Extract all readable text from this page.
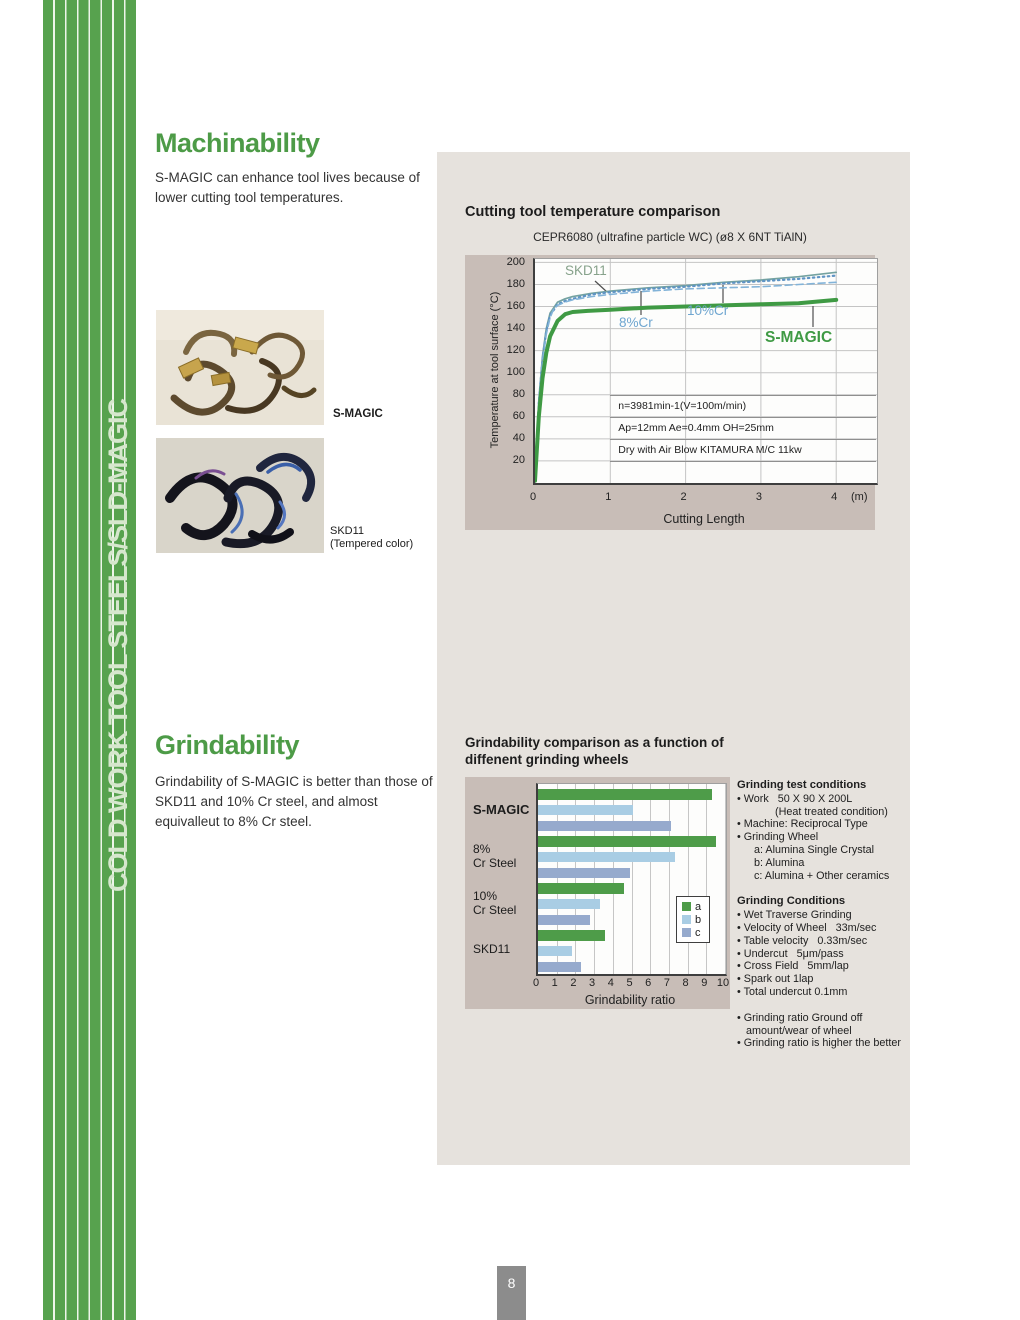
COLD WORK TOOL STEELS/SLD-MAGIC
Machinability
S-MAGIC can enhance tool lives because of lower cutting tool temperatures.
S-MAGIC
SKD11
(Tempered color)
Cutting tool temperature comparison
CEPR6080 (ultrafine particle WC) (ø8 X 6NT TiAlN)
Temperature at tool surface (°C)
20
40
60
80
100
120
140
160
180
200
n=3981min-1(V=100m/min)
Ap=12mm Ae=0.4mm OH=25mm
Dry with Air Blow KITAMURA M/C 11kw
SKD11
10%Cr
8%Cr
S-MAGIC
0	1	2	3	4 (m)
Cutting Length
Grindability
Grindability of S-MAGIC is better than those of SKD11 and 10% Cr steel, and almost equivalleut to 8% Cr steel.
Grindability comparison as a function of
diffenent grinding wheels
S-MAGIC
8%
Cr Steel
10%
Cr Steel
SKD11
a
b
c
0 1 2 3 4 5 6 7 8 9 10
Grindability ratio
Grinding test conditions
• Work   50 X 90 X 200L
(Heat treated condition)
• Machine: Reciprocal Type
• Grinding Wheel
a: Alumina Single Crystal
b: Alumina
c: Alumina + Other ceramics
Grinding Conditions
• Wet Traverse Grinding
• Velocity of Wheel   33m/sec
• Table velocity   0.33m/sec
• Undercut   5μm/pass
• Cross Field   5mm/lap
• Spark out 1lap
• Total undercut 0.1mm
• Grinding ratio Ground off amount/wear of wheel
• Grinding ratio is higher the better
8
